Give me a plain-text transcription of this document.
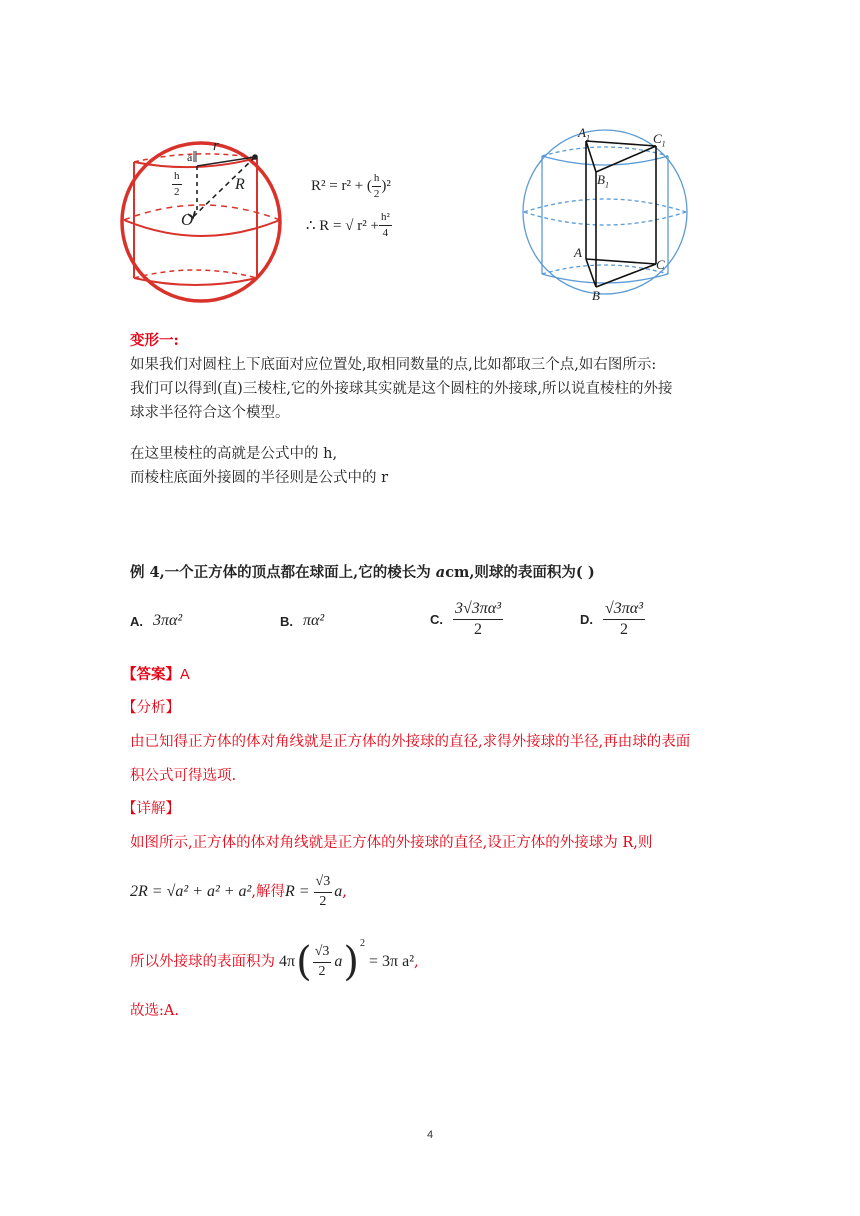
a∥
r
$\frac{h}{2}$	R
O
R² = r² + ( $\frac{h}{2} )^2$
∴ R = √ $r^2 + \frac{\text{h²}}{4}$
$A_1$	$C_1$
$B_1$
A
C
B
变形一:
如果我们对圆柱上下底面对应位置处,取相同数量的点,比如都取三个点,如右图所示:
我们可以得到(直)三棱柱,它的外接球其实就是这个圆柱的外接球,所以说直棱柱的外接
球求半径符合这个模型。
在这里棱柱的高就是公式中的 h,
而棱柱底面外接圆的半径则是公式中的 r
例 4,一个正方体的顶点都在球面上,它的棱长为 acm,则球的表面积为( )
A. 3πα²	B. πα²	C. $\frac{\text{3√3πα³}}{2}$	D. $\frac{\text{√3πα³}}{2}$
【答案】A
【分析】
由已知得正方体的体对角线就是正方体的外接球的直径,求得外接球的半径,再由球的表面
积公式可得选项.
【详解】
如图所示,正方体的体对角线就是正方体的外接球的直径,设正方体的外接球为 R,则
2R = √a² + a² + a² ,解得 $R = \frac{√3}{2}$ a ,
所以外接球的表面积为 4π ( $\frac{√3}{2}$ a ) 2
= 3π a² ,
故选:A.
4
